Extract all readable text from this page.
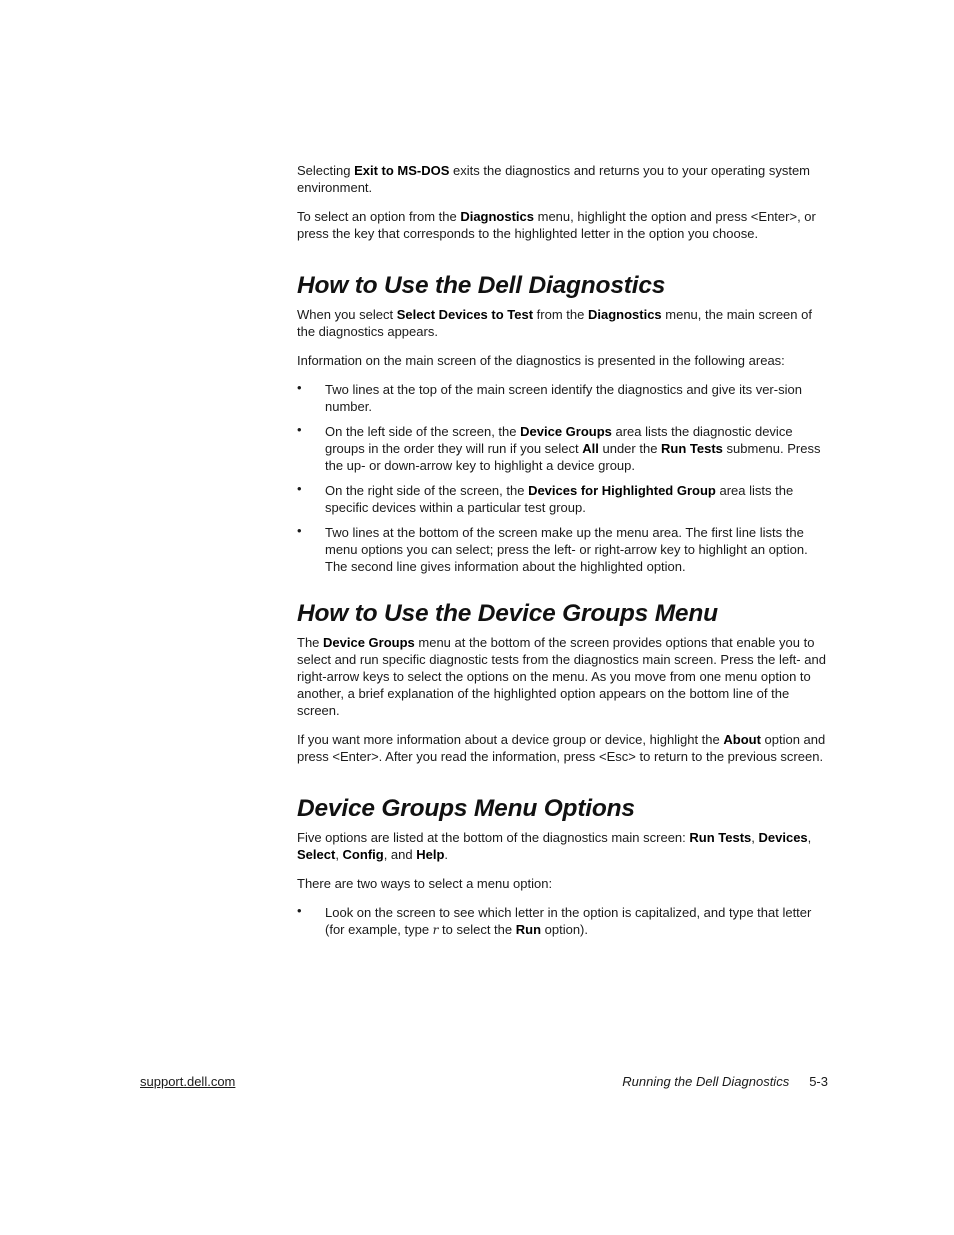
Selecting Exit to MS-DOS exits the diagnostics and returns you to your operating system environment.

To select an option from the Diagnostics menu, highlight the option and press <Enter>, or press the key that corresponds to the highlighted letter in the option you choose.

How to Use the Dell Diagnostics

When you select Select Devices to Test from the Diagnostics menu, the main screen of the diagnostics appears.

Information on the main screen of the diagnostics is presented in the following areas:

• Two lines at the top of the main screen identify the diagnostics and give its ver-sion number.
• On the left side of the screen, the Device Groups area lists the diagnostic device groups in the order they will run if you select All under the Run Tests submenu. Press the up- or down-arrow key to highlight a device group.
• On the right side of the screen, the Devices for Highlighted Group area lists the specific devices within a particular test group.
• Two lines at the bottom of the screen make up the menu area. The first line lists the menu options you can select; press the left- or right-arrow key to highlight an option. The second line gives information about the highlighted option.
How to Use the Device Groups Menu

The Device Groups menu at the bottom of the screen provides options that enable you to select and run specific diagnostic tests from the diagnostics main screen. Press the left- and right-arrow keys to select the options on the menu. As you move from one menu option to another, a brief explanation of the highlighted option appears on the bottom line of the screen.

If you want more information about a device group or device, highlight the About option and press <Enter>. After you read the information, press <Esc> to return to the previous screen.

Device Groups Menu Options

Five options are listed at the bottom of the diagnostics main screen: Run Tests, Devices, Select, Config, and Help.

There are two ways to select a menu option:

• Look on the screen to see which letter in the option is capitalized, and type that letter (for example, type r to select the Run option).
support.dell.com	Running the Dell Diagnostics 5-3
